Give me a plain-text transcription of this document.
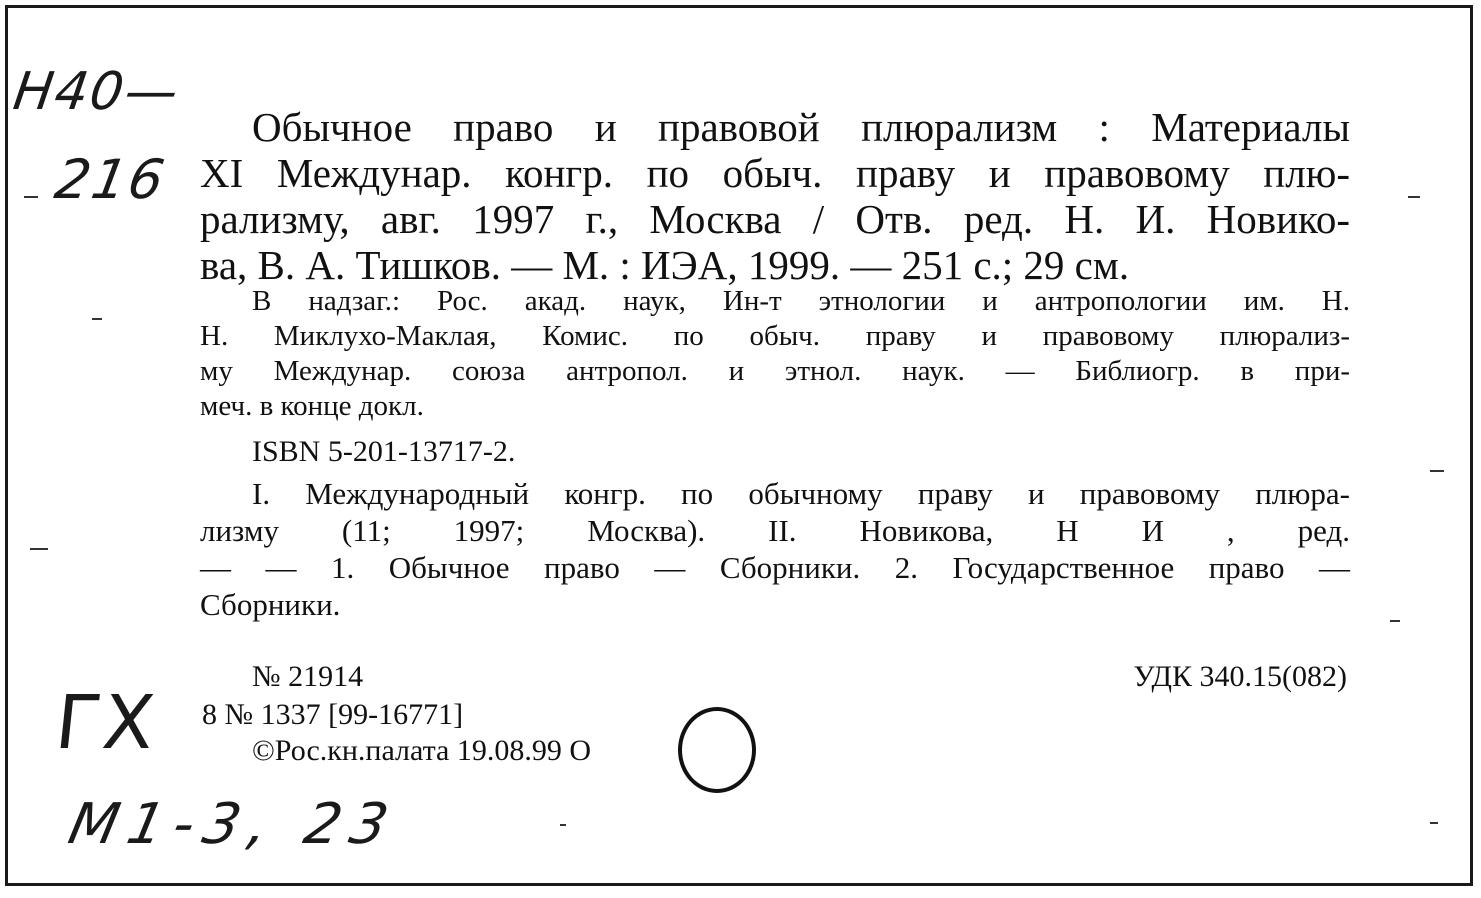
Н40—
216
ГХ
М1-3, 23
Обычное право и правовой плюрализм : Материалы
XI Междунар. конгр. по обыч. праву и правовому плю-
рализму, авг. 1997 г., Москва / Отв. ред. Н. И. Новико-
ва, В. А. Тишков. — М. : ИЭА, 1999. — 251 с.; 29 см.
В надзаг.: Рос. акад. наук, Ин-т этнологии и антропологии им. Н.
Н. Миклухо-Маклая, Комис. по обыч. праву и правовому плюрализ-
му Междунар. союза антропол. и этнол. наук. — Библиогр. в при-
меч. в конце докл.
ISBN 5-201-13717-2.
I. Международный конгр. по обычному праву и правовому плюра-
лизму (11; 1997; Москва). II. Новикова, Н И , ред.
— — 1. Обычное право — Сборники. 2. Государственное право —
Сборники.
№ 21914	УДК 340.15(082)
8 № 1337 [99-16771]
©Рос.кн.палата 19.08.99 О
